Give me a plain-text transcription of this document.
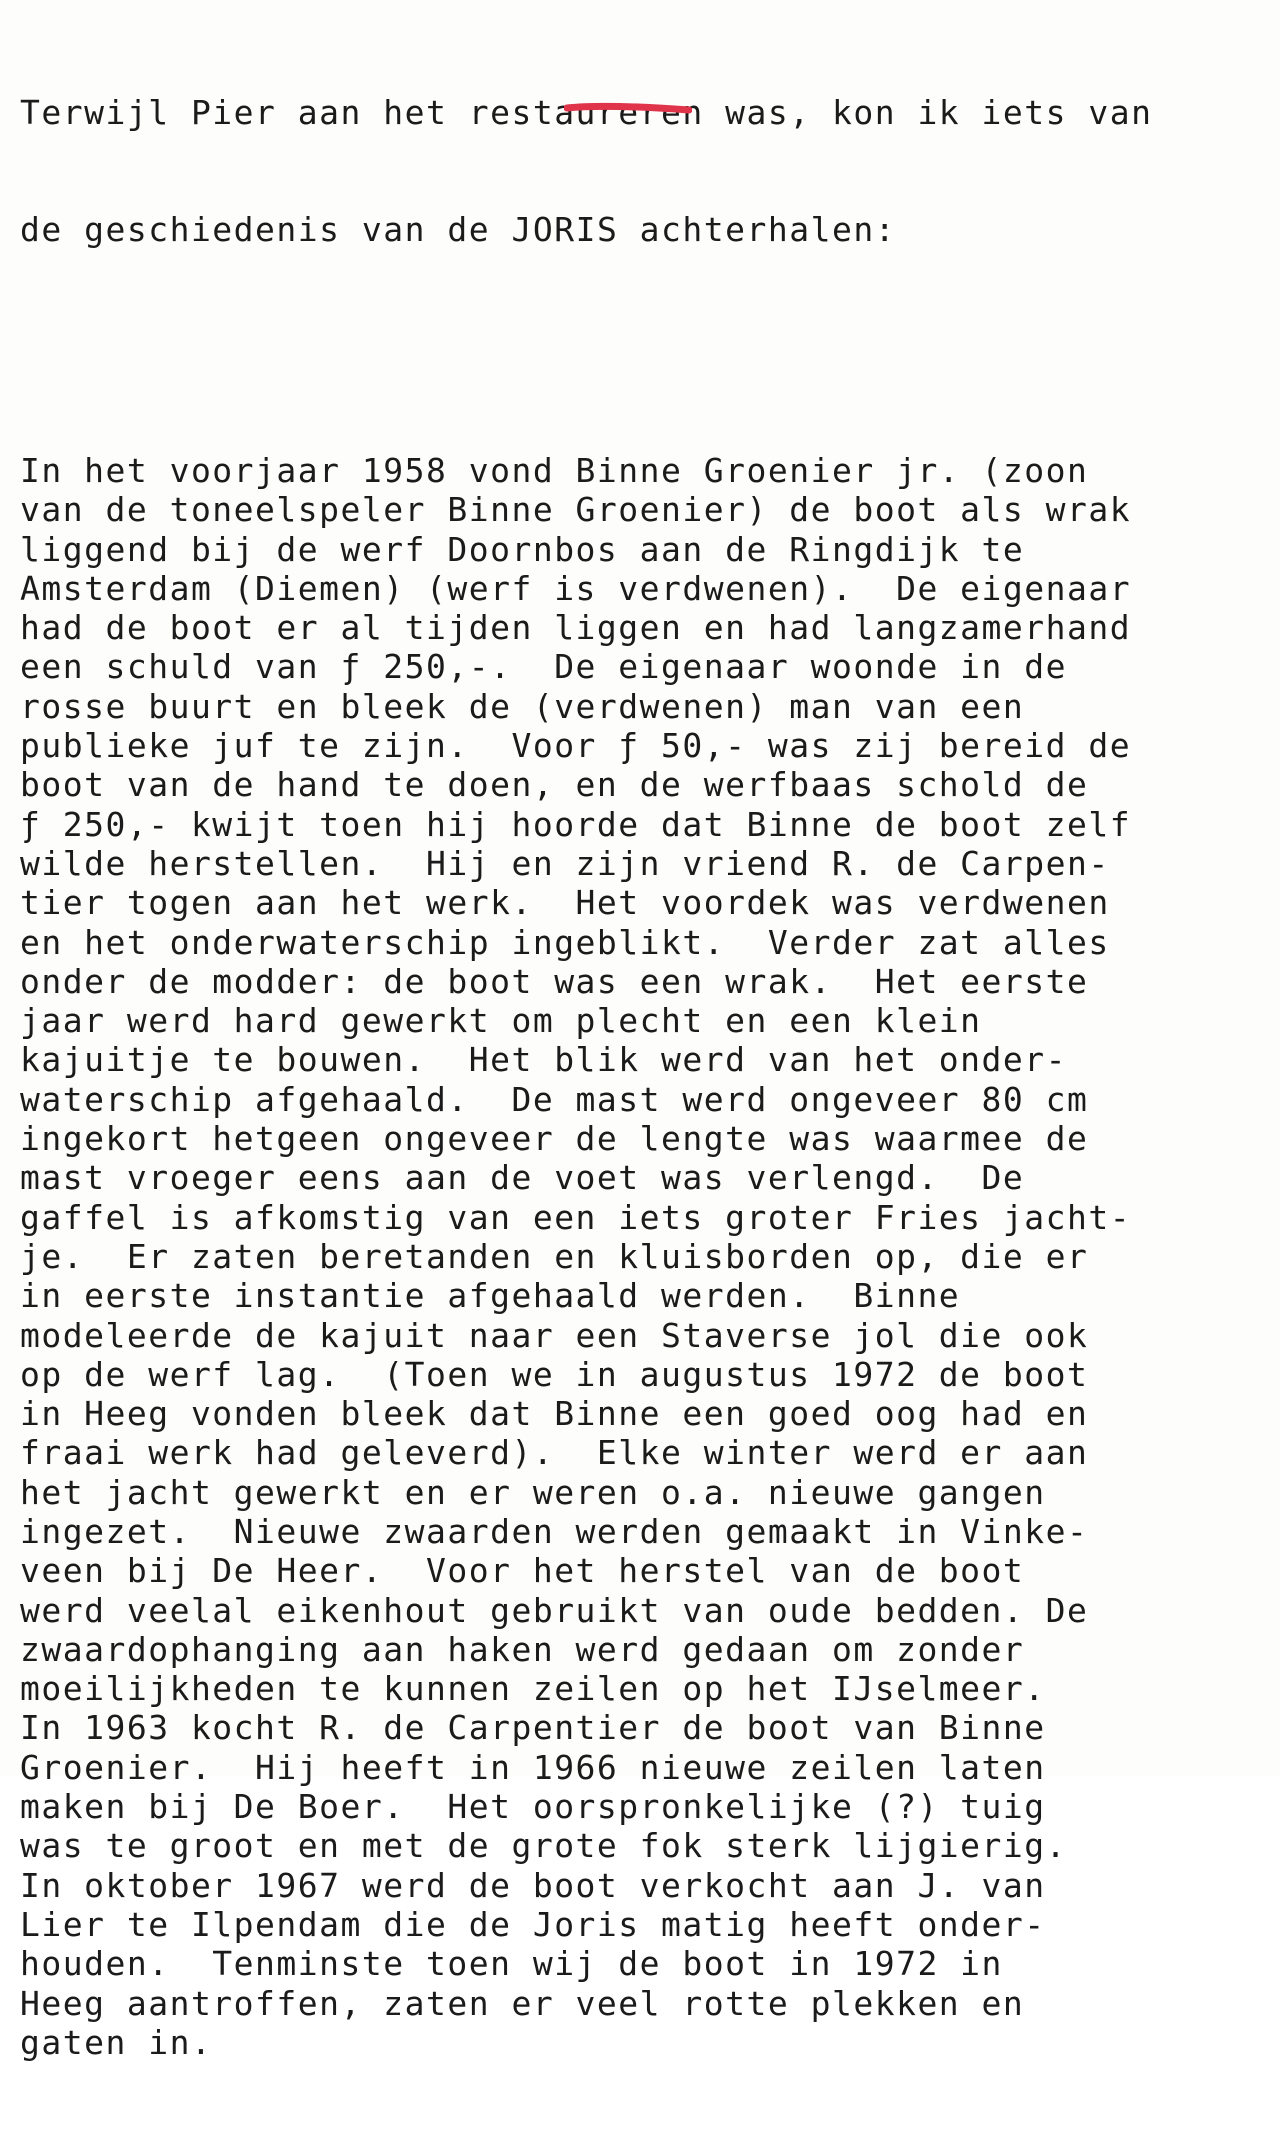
Terwijl Pier aan het restaureren was, kon ik iets van

de geschiedenis van de JORIS achterhalen:

In het voorjaar 1958 vond Binne Groenier jr. (zoon
van de toneelspeler Binne Groenier) de boot als wrak
liggend bij de werf Doornbos aan de Ringdijk te
Amsterdam (Diemen) (werf is verdwenen).  De eigenaar
had de boot er al tijden liggen en had langzamerhand
een schuld van ƒ 250,-.  De eigenaar woonde in de
rosse buurt en bleek de (verdwenen) man van een
publieke juf te zijn.  Voor ƒ 50,- was zij bereid de
boot van de hand te doen, en de werfbaas schold de
ƒ 250,- kwijt toen hij hoorde dat Binne de boot zelf
wilde herstellen.  Hij en zijn vriend R. de Carpen-
tier togen aan het werk.  Het voordek was verdwenen
en het onderwaterschip ingeblikt.  Verder zat alles
onder de modder: de boot was een wrak.  Het eerste
jaar werd hard gewerkt om plecht en een klein
kajuitje te bouwen.  Het blik werd van het onder-
waterschip afgehaald.  De mast werd ongeveer 80 cm
ingekort hetgeen ongeveer de lengte was waarmee de
mast vroeger eens aan de voet was verlengd.  De
gaffel is afkomstig van een iets groter Fries jacht-
je.  Er zaten beretanden en kluisborden op, die er
in eerste instantie afgehaald werden.  Binne
modeleerde de kajuit naar een Staverse jol die ook
op de werf lag.  (Toen we in augustus 1972 de boot
in Heeg vonden bleek dat Binne een goed oog had en
fraai werk had geleverd).  Elke winter werd er aan
het jacht gewerkt en er weren o.a. nieuwe gangen
ingezet.  Nieuwe zwaarden werden gemaakt in Vinke-
veen bij De Heer.  Voor het herstel van de boot
werd veelal eikenhout gebruikt van oude bedden. De
zwaardophanging aan haken werd gedaan om zonder
moeilijkheden te kunnen zeilen op het IJselmeer.
In 1963 kocht R. de Carpentier de boot van Binne
Groenier.  Hij heeft in 1966 nieuwe zeilen laten
maken bij De Boer.  Het oorspronkelijke (?) tuig
was te groot en met de grote fok sterk lijgierig.
In oktober 1967 werd de boot verkocht aan J. van
Lier te Ilpendam die de Joris matig heeft onder-
houden.  Tenminste toen wij de boot in 1972 in
Heeg aantroffen, zaten er veel rotte plekken en
gaten in.
